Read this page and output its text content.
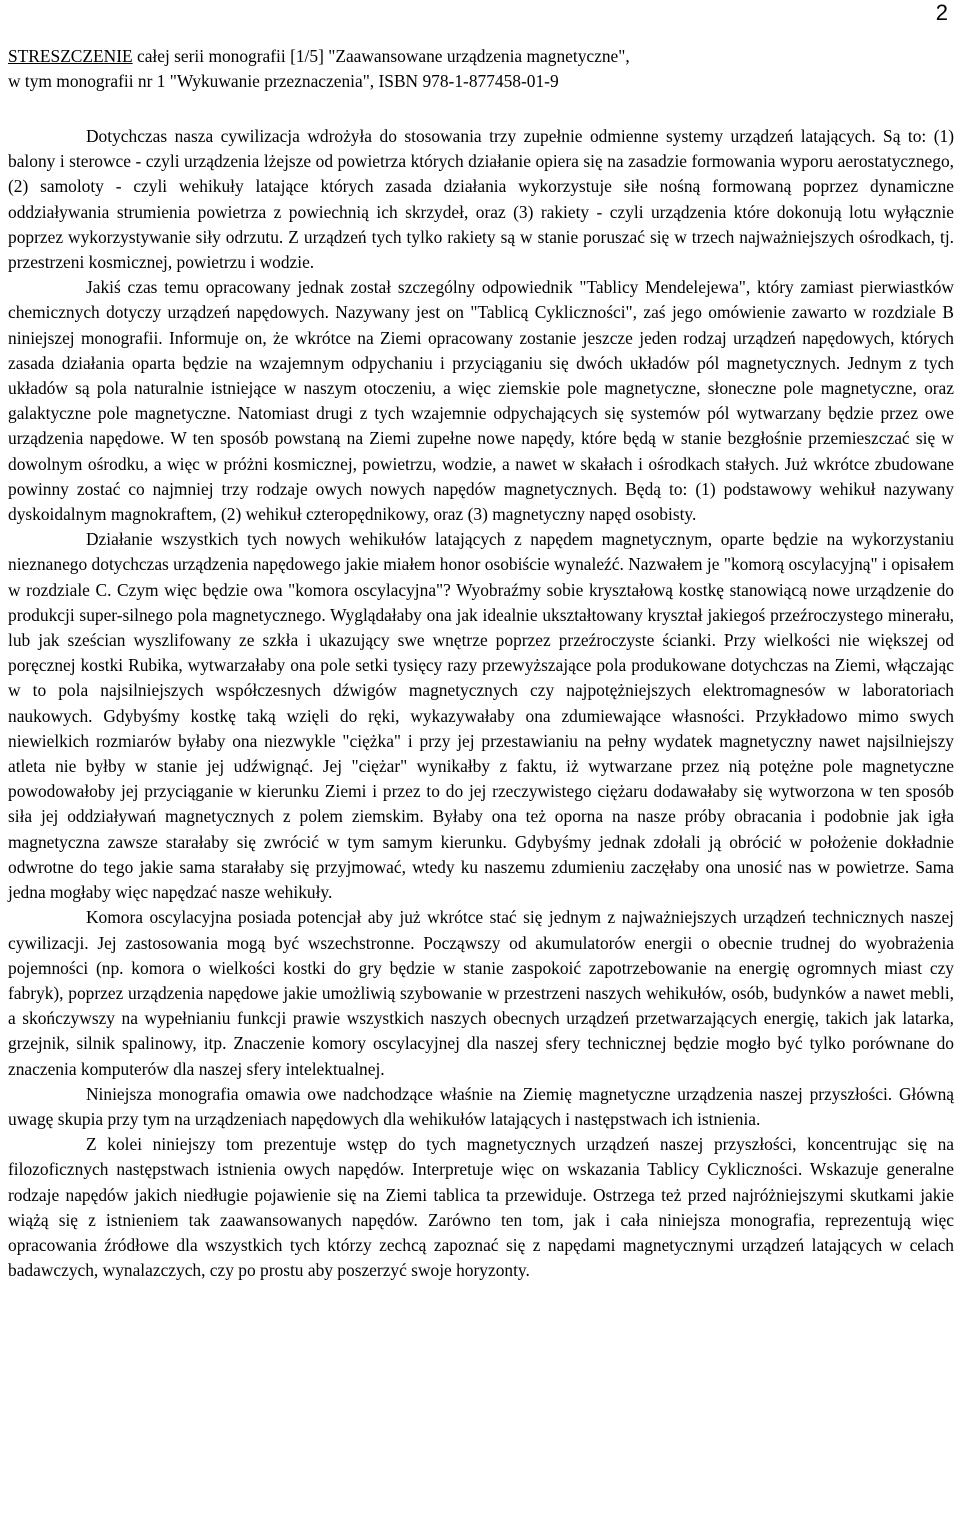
2
STRESZCZENIE całej serii monografii [1/5] "Zaawansowane urządzenia magnetyczne",
w tym monografii nr 1 "Wykuwanie przeznaczenia", ISBN 978-1-877458-01-9

Dotychczas nasza cywilizacja wdrożyła do stosowania trzy zupełnie odmienne systemy urządzeń latających. Są to: (1) balony i sterowce - czyli urządzenia lżejsze od powietrza których działanie opiera się na zasadzie formowania wyporu aerostatycznego, (2) samoloty - czyli wehikuły latające których zasada działania wykorzystuje siłe nośną formowaną poprzez dynamiczne oddziaływania strumienia powietrza z powiechnią ich skrzydeł, oraz (3) rakiety - czyli urządzenia które dokonują lotu wyłącznie poprzez wykorzystywanie siły odrzutu. Z urządzeń tych tylko rakiety są w stanie poruszać się w trzech najważniejszych ośrodkach, tj. przestrzeni kosmicznej, powietrzu i wodzie.

Jakiś czas temu opracowany jednak został szczególny odpowiednik "Tablicy Mendelejewa", który zamiast pierwiastków chemicznych dotyczy urządzeń napędowych. Nazywany jest on "Tablicą Cykliczności", zaś jego omówienie zawarto w rozdziale B niniejszej monografii. Informuje on, że wkrótce na Ziemi opracowany zostanie jeszcze jeden rodzaj urządzeń napędowych, których zasada działania oparta będzie na wzajemnym odpychaniu i przyciąganiu się dwóch układów pól magnetycznych. Jednym z tych układów są pola naturalnie istniejące w naszym otoczeniu, a więc ziemskie pole magnetyczne, słoneczne pole magnetyczne, oraz galaktyczne pole magnetyczne. Natomiast drugi z tych wzajemnie odpychających się systemów pól wytwarzany będzie przez owe urządzenia napędowe. W ten sposób powstaną na Ziemi zupełne nowe napędy, które będą w stanie bezgłośnie przemieszczać się w dowolnym ośrodku, a więc w próżni kosmicznej, powietrzu, wodzie, a nawet w skałach i ośrodkach stałych. Już wkrótce zbudowane powinny zostać co najmniej trzy rodzaje owych nowych napędów magnetycznych. Będą to: (1) podstawowy wehikuł nazywany dyskoidalnym magnokraftem, (2) wehikuł czteropędnikowy, oraz (3) magnetyczny napęd osobisty.

Działanie wszystkich tych nowych wehikułów latających z napędem magnetycznym, oparte będzie na wykorzystaniu nieznanego dotychczas urządzenia napędowego jakie miałem honor osobiście wynaleźć. Nazwałem je "komorą oscylacyjną" i opisałem w rozdziale C. Czym więc będzie owa "komora oscylacyjna"? Wyobraźmy sobie kryształową kostkę stanowiącą nowe urządzenie do produkcji super-silnego pola magnetycznego. Wyglądałaby ona jak idealnie ukształtowany kryształ jakiegoś przeźroczystego minerału, lub jak sześcian wyszlifowany ze szkła i ukazujący swe wnętrze poprzez przeźroczyste ścianki. Przy wielkości nie większej od poręcznej kostki Rubika, wytwarzałaby ona pole setki tysięcy razy przewyższające pola produkowane dotychczas na Ziemi, włączając w to pola najsilniejszych współczesnych dźwigów magnetycznych czy najpotężniejszych elektromagnesów w laboratoriach naukowych. Gdybyśmy kostkę taką wzięli do ręki, wykazywałaby ona zdumiewające własności. Przykładowo mimo swych niewielkich rozmiarów byłaby ona niezwykle "ciężka" i przy jej przestawianiu na pełny wydatek magnetyczny nawet najsilniejszy atleta nie byłby w stanie jej udźwignąć. Jej "ciężar" wynikałby z faktu, iż wytwarzane przez nią potężne pole magnetyczne powodowałoby jej przyciąganie w kierunku Ziemi i przez to do jej rzeczywistego ciężaru dodawałaby się wytworzona w ten sposób siła jej oddziaływań magnetycznych z polem ziemskim. Byłaby ona też oporna na nasze próby obracania i podobnie jak igła magnetyczna zawsze starałaby się zwrócić w tym samym kierunku. Gdybyśmy jednak zdołali ją obrócić w położenie dokładnie odwrotne do tego jakie sama starałaby się przyjmować, wtedy ku naszemu zdumieniu zaczęłaby ona unosić nas w powietrze. Sama jedna mogłaby więc napędzać nasze wehikuły.

Komora oscylacyjna posiada potencjał aby już wkrótce stać się jednym z najważniejszych urządzeń technicznych naszej cywilizacji. Jej zastosowania mogą być wszechstronne. Począwszy od akumulatorów energii o obecnie trudnej do wyobrażenia pojemności (np. komora o wielkości kostki do gry będzie w stanie zaspokoić zapotrzebowanie na energię ogromnych miast czy fabryk), poprzez urządzenia napędowe jakie umożliwią szybowanie w przestrzeni naszych wehikułów, osób, budynków a nawet mebli, a skończywszy na wypełnianiu funkcji prawie wszystkich naszych obecnych urządzeń przetwarzających energię, takich jak latarka, grzejnik, silnik spalinowy, itp. Znaczenie komory oscylacyjnej dla naszej sfery technicznej będzie mogło być tylko porównane do znaczenia komputerów dla naszej sfery intelektualnej.

Niniejsza monografia omawia owe nadchodzące właśnie na Ziemię magnetyczne urządzenia naszej przyszłości. Główną uwagę skupia przy tym na urządzeniach napędowych dla wehikułów latających i następstwach ich istnienia.

Z kolei niniejszy tom prezentuje wstęp do tych magnetycznych urządzeń naszej przyszłości, koncentrując się na filozoficznych następstwach istnienia owych napędów. Interpretuje więc on wskazania Tablicy Cykliczności. Wskazuje generalne rodzaje napędów jakich niedługie pojawienie się na Ziemi tablica ta przewiduje. Ostrzega też przed najróżniejszymi skutkami jakie wiążą się z istnieniem tak zaawansowanych napędów. Zarówno ten tom, jak i cała niniejsza monografia, reprezentują więc opracowania źródłowe dla wszystkich tych którzy zechcą zapoznać się z napędami magnetycznymi urządzeń latających w celach badawczych, wynalazczych, czy po prostu aby poszerzyć swoje horyzonty.
